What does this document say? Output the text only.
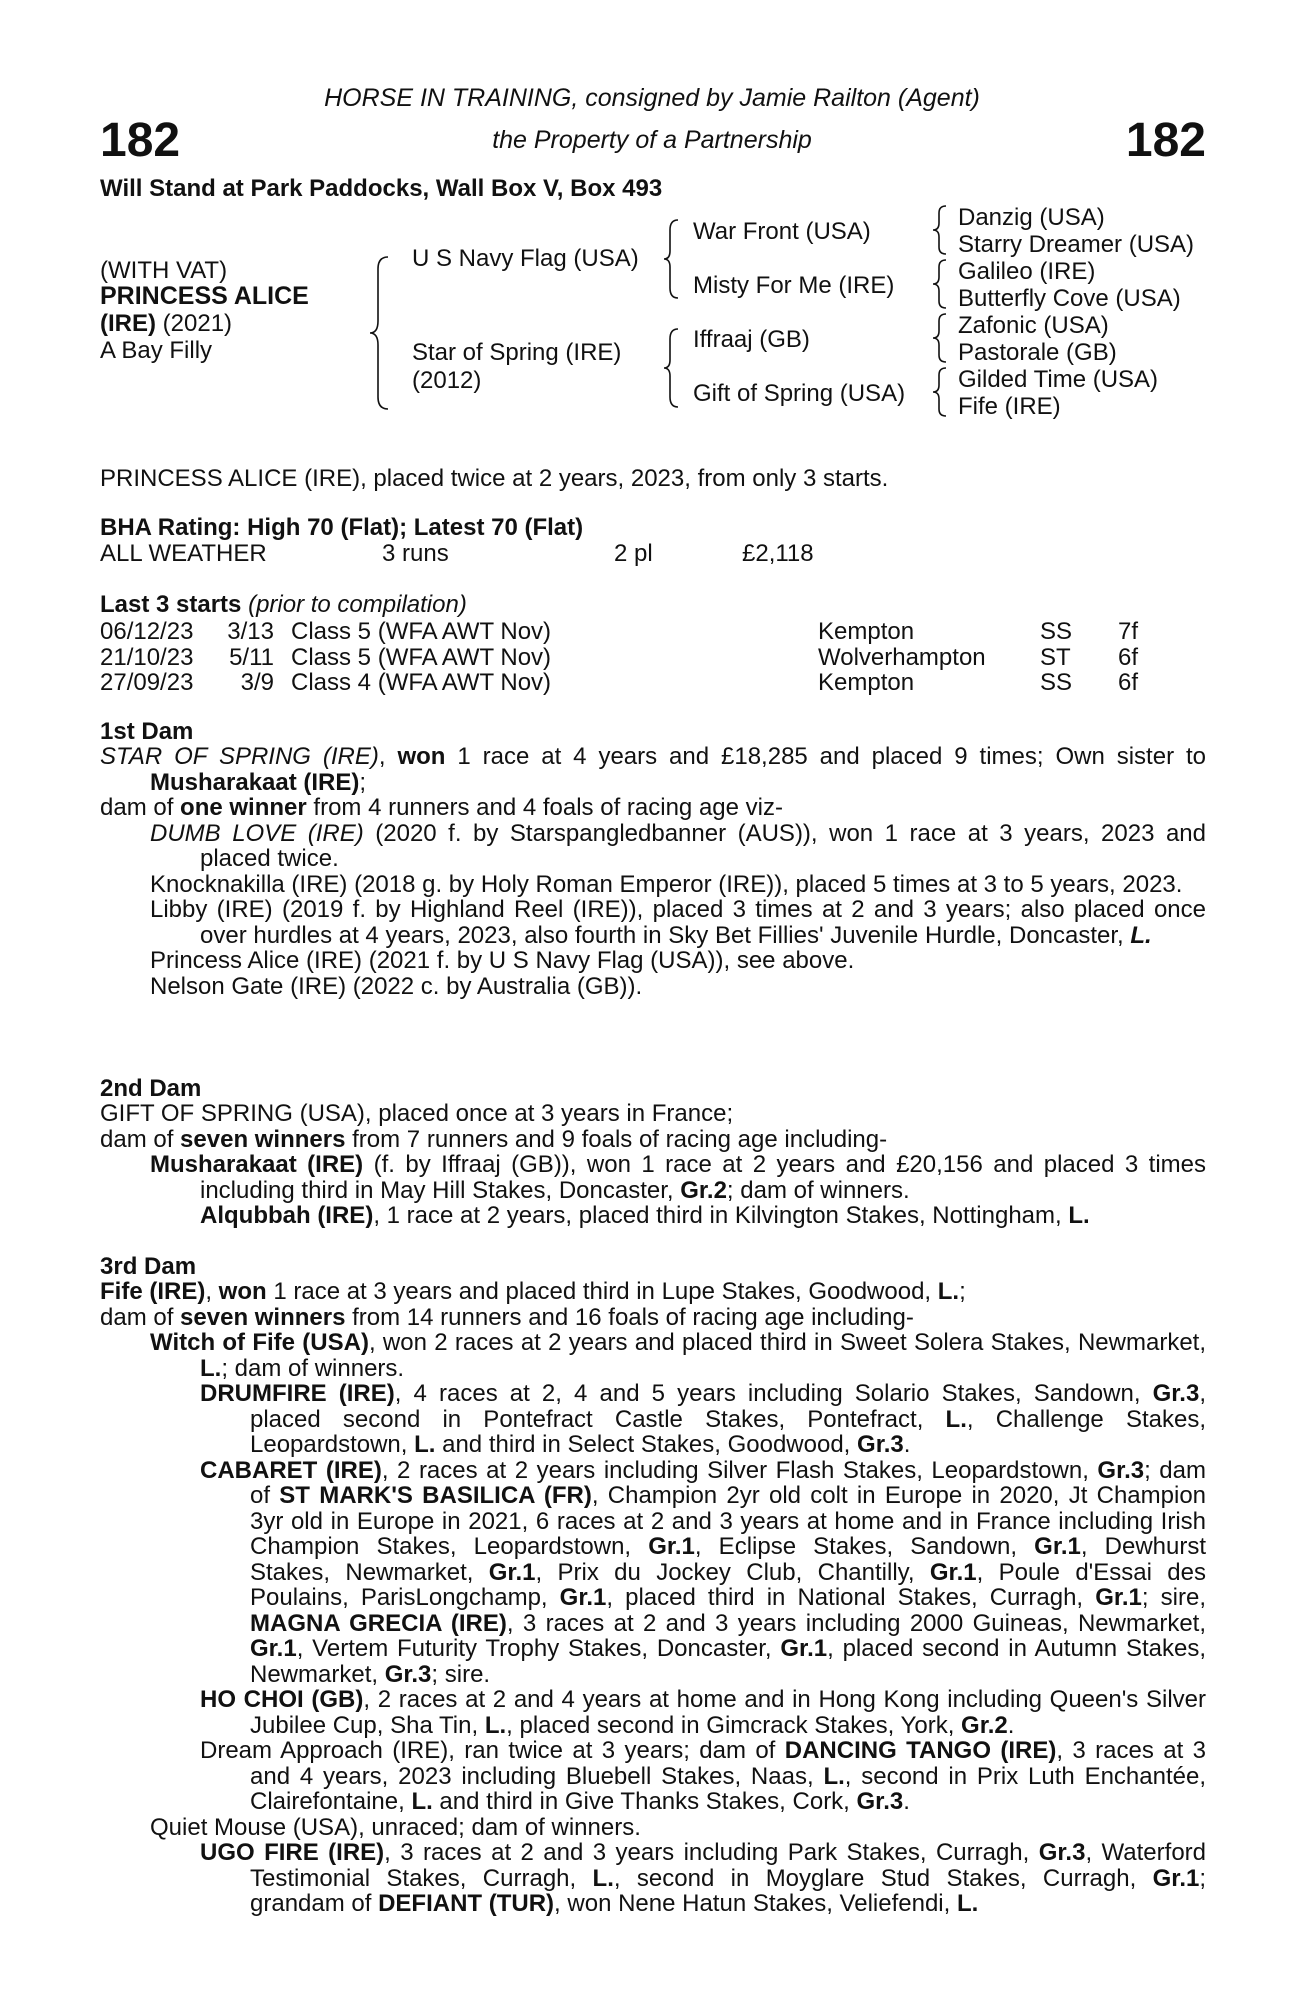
HORSE IN TRAINING, consigned by Jamie Railton (Agent)
the Property of a Partnership
182	182
Will Stand at Park Paddocks, Wall Box V, Box 493
(WITH VAT)
PRINCESS ALICE
(IRE) (2021)
A Bay Filly
U S Navy Flag (USA)
Star of Spring (IRE)
(2012)
War Front (USA)
Misty For Me (IRE)
Iffraaj (GB)
Gift of Spring (USA)
Danzig (USA)
Starry Dreamer (USA)
Galileo (IRE)
Butterfly Cove (USA)
Zafonic (USA)
Pastorale (GB)
Gilded Time (USA)
Fife (IRE)
PRINCESS ALICE (IRE), placed twice at 2 years, 2023, from only 3 starts.
BHA Rating: High 70 (Flat); Latest 70 (Flat)
ALL WEATHER	3 runs	2 pl	£2,118
Last 3 starts (prior to compilation)
06/12/23 3/13 Class 5 (WFA AWT Nov)	Kempton	SS 7f
21/10/23 5/11 Class 5 (WFA AWT Nov)	Wolverhampton ST 6f
27/09/23	3/9 Class 4 (WFA AWT Nov)	Kempton	SS 6f
1st Dam

STAR OF SPRING (IRE), won 1 race at 4 years and £18,285 and placed 9 times; Own sister to Musharakaat (IRE);

dam of one winner from 4 runners and 4 foals of racing age viz-

DUMB LOVE (IRE) (2020 f. by Starspangledbanner (AUS)), won 1 race at 3 years, 2023 and placed twice.

Knocknakilla (IRE) (2018 g. by Holy Roman Emperor (IRE)), placed 5 times at 3 to 5 years, 2023.

Libby (IRE) (2019 f. by Highland Reel (IRE)), placed 3 times at 2 and 3 years; also placed once over hurdles at 4 years, 2023, also fourth in Sky Bet Fillies' Juvenile Hurdle, Doncaster, L.

Princess Alice (IRE) (2021 f. by U S Navy Flag (USA)), see above.

Nelson Gate (IRE) (2022 c. by Australia (GB)).

2nd Dam

GIFT OF SPRING (USA), placed once at 3 years in France;

dam of seven winners from 7 runners and 9 foals of racing age including-

Musharakaat (IRE) (f. by Iffraaj (GB)), won 1 race at 2 years and £20,156 and placed 3 times including third in May Hill Stakes, Doncaster, Gr.2; dam of winners.

Alqubbah (IRE), 1 race at 2 years, placed third in Kilvington Stakes, Nottingham, L.

3rd Dam

Fife (IRE), won 1 race at 3 years and placed third in Lupe Stakes, Goodwood, L.;

dam of seven winners from 14 runners and 16 foals of racing age including-

Witch of Fife (USA), won 2 races at 2 years and placed third in Sweet Solera Stakes, Newmarket, L.; dam of winners.

DRUMFIRE (IRE), 4 races at 2, 4 and 5 years including Solario Stakes, Sandown, Gr.3, placed second in Pontefract Castle Stakes, Pontefract, L., Challenge Stakes, Leopardstown, L. and third in Select Stakes, Goodwood, Gr.3.

CABARET (IRE), 2 races at 2 years including Silver Flash Stakes, Leopardstown, Gr.3; dam of ST MARK'S BASILICA (FR), Champion 2yr old colt in Europe in 2020, Jt Champion 3yr old in Europe in 2021, 6 races at 2 and 3 years at home and in France including Irish Champion Stakes, Leopardstown, Gr.1, Eclipse Stakes, Sandown, Gr.1, Dewhurst Stakes, Newmarket, Gr.1, Prix du Jockey Club, Chantilly, Gr.1, Poule d'Essai des Poulains, ParisLongchamp, Gr.1, placed third in National Stakes, Curragh, Gr.1; sire, MAGNA GRECIA (IRE), 3 races at 2 and 3 years including 2000 Guineas, Newmarket, Gr.1, Vertem Futurity Trophy Stakes, Doncaster, Gr.1, placed second in Autumn Stakes, Newmarket, Gr.3; sire.

HO CHOI (GB), 2 races at 2 and 4 years at home and in Hong Kong including Queen's Silver Jubilee Cup, Sha Tin, L., placed second in Gimcrack Stakes, York, Gr.2.

Dream Approach (IRE), ran twice at 3 years; dam of DANCING TANGO (IRE), 3 races at 3 and 4 years, 2023 including Bluebell Stakes, Naas, L., second in Prix Luth Enchantée, Clairefontaine, L. and third in Give Thanks Stakes, Cork, Gr.3.

Quiet Mouse (USA), unraced; dam of winners.

UGO FIRE (IRE), 3 races at 2 and 3 years including Park Stakes, Curragh, Gr.3, Waterford Testimonial Stakes, Curragh, L., second in Moyglare Stud Stakes, Curragh, Gr.1; grandam of DEFIANT (TUR), won Nene Hatun Stakes, Veliefendi, L.
